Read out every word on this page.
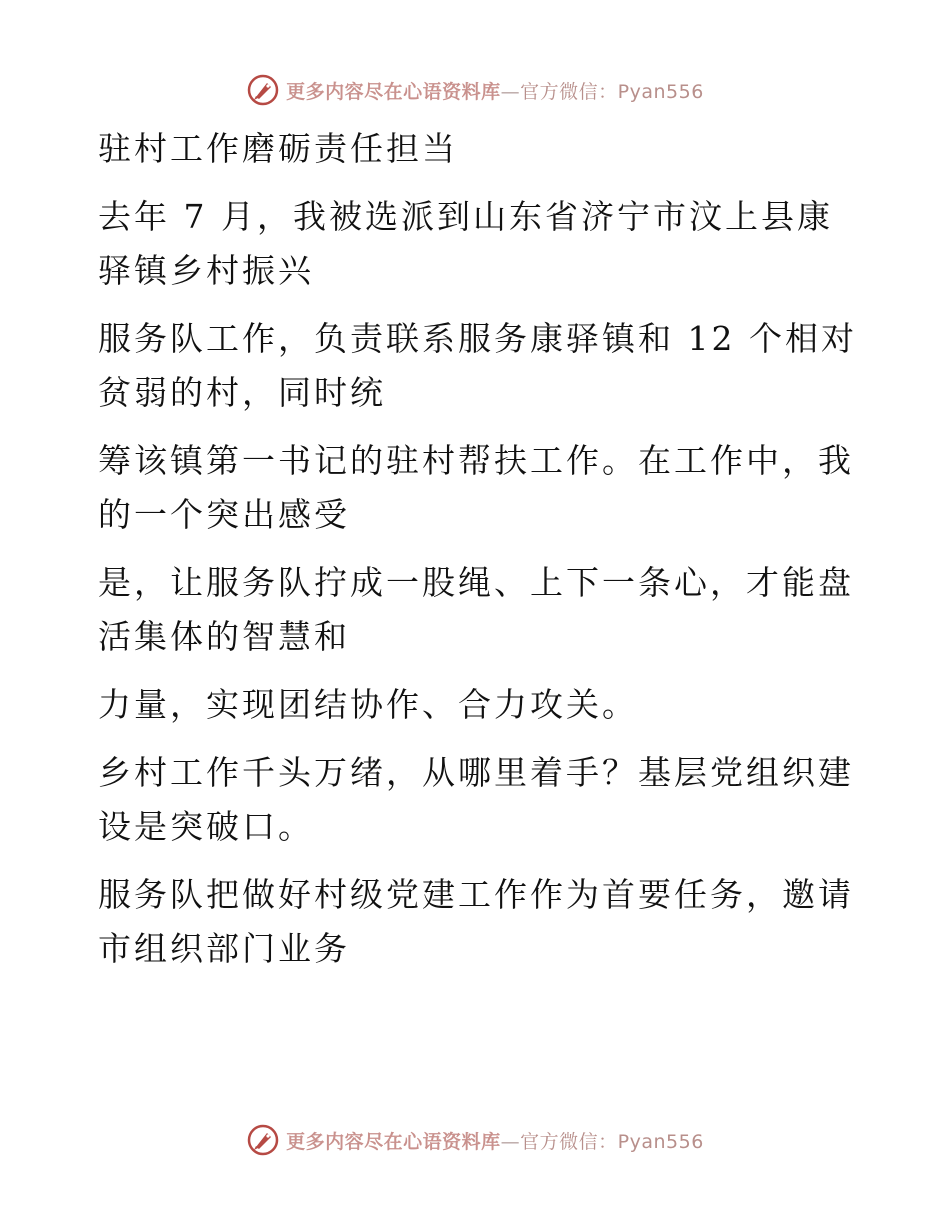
更多内容尽在心语资料库—官方微信：Pyan556

驻村工作磨砺责任担当

去年 7 月，我被选派到山东省济宁市汶上县康驿镇乡村振兴

服务队工作，负责联系服务康驿镇和 12 个相对贫弱的村，同时统

筹该镇第一书记的驻村帮扶工作。在工作中，我的一个突出感受

是，让服务队拧成一股绳、上下一条心，才能盘活集体的智慧和

力量，实现团结协作、合力攻关。

乡村工作千头万绪，从哪里着手？基层党组织建设是突破口。

服务队把做好村级党建工作作为首要任务，邀请市组织部门业务

更多内容尽在心语资料库—官方微信：Pyan556
